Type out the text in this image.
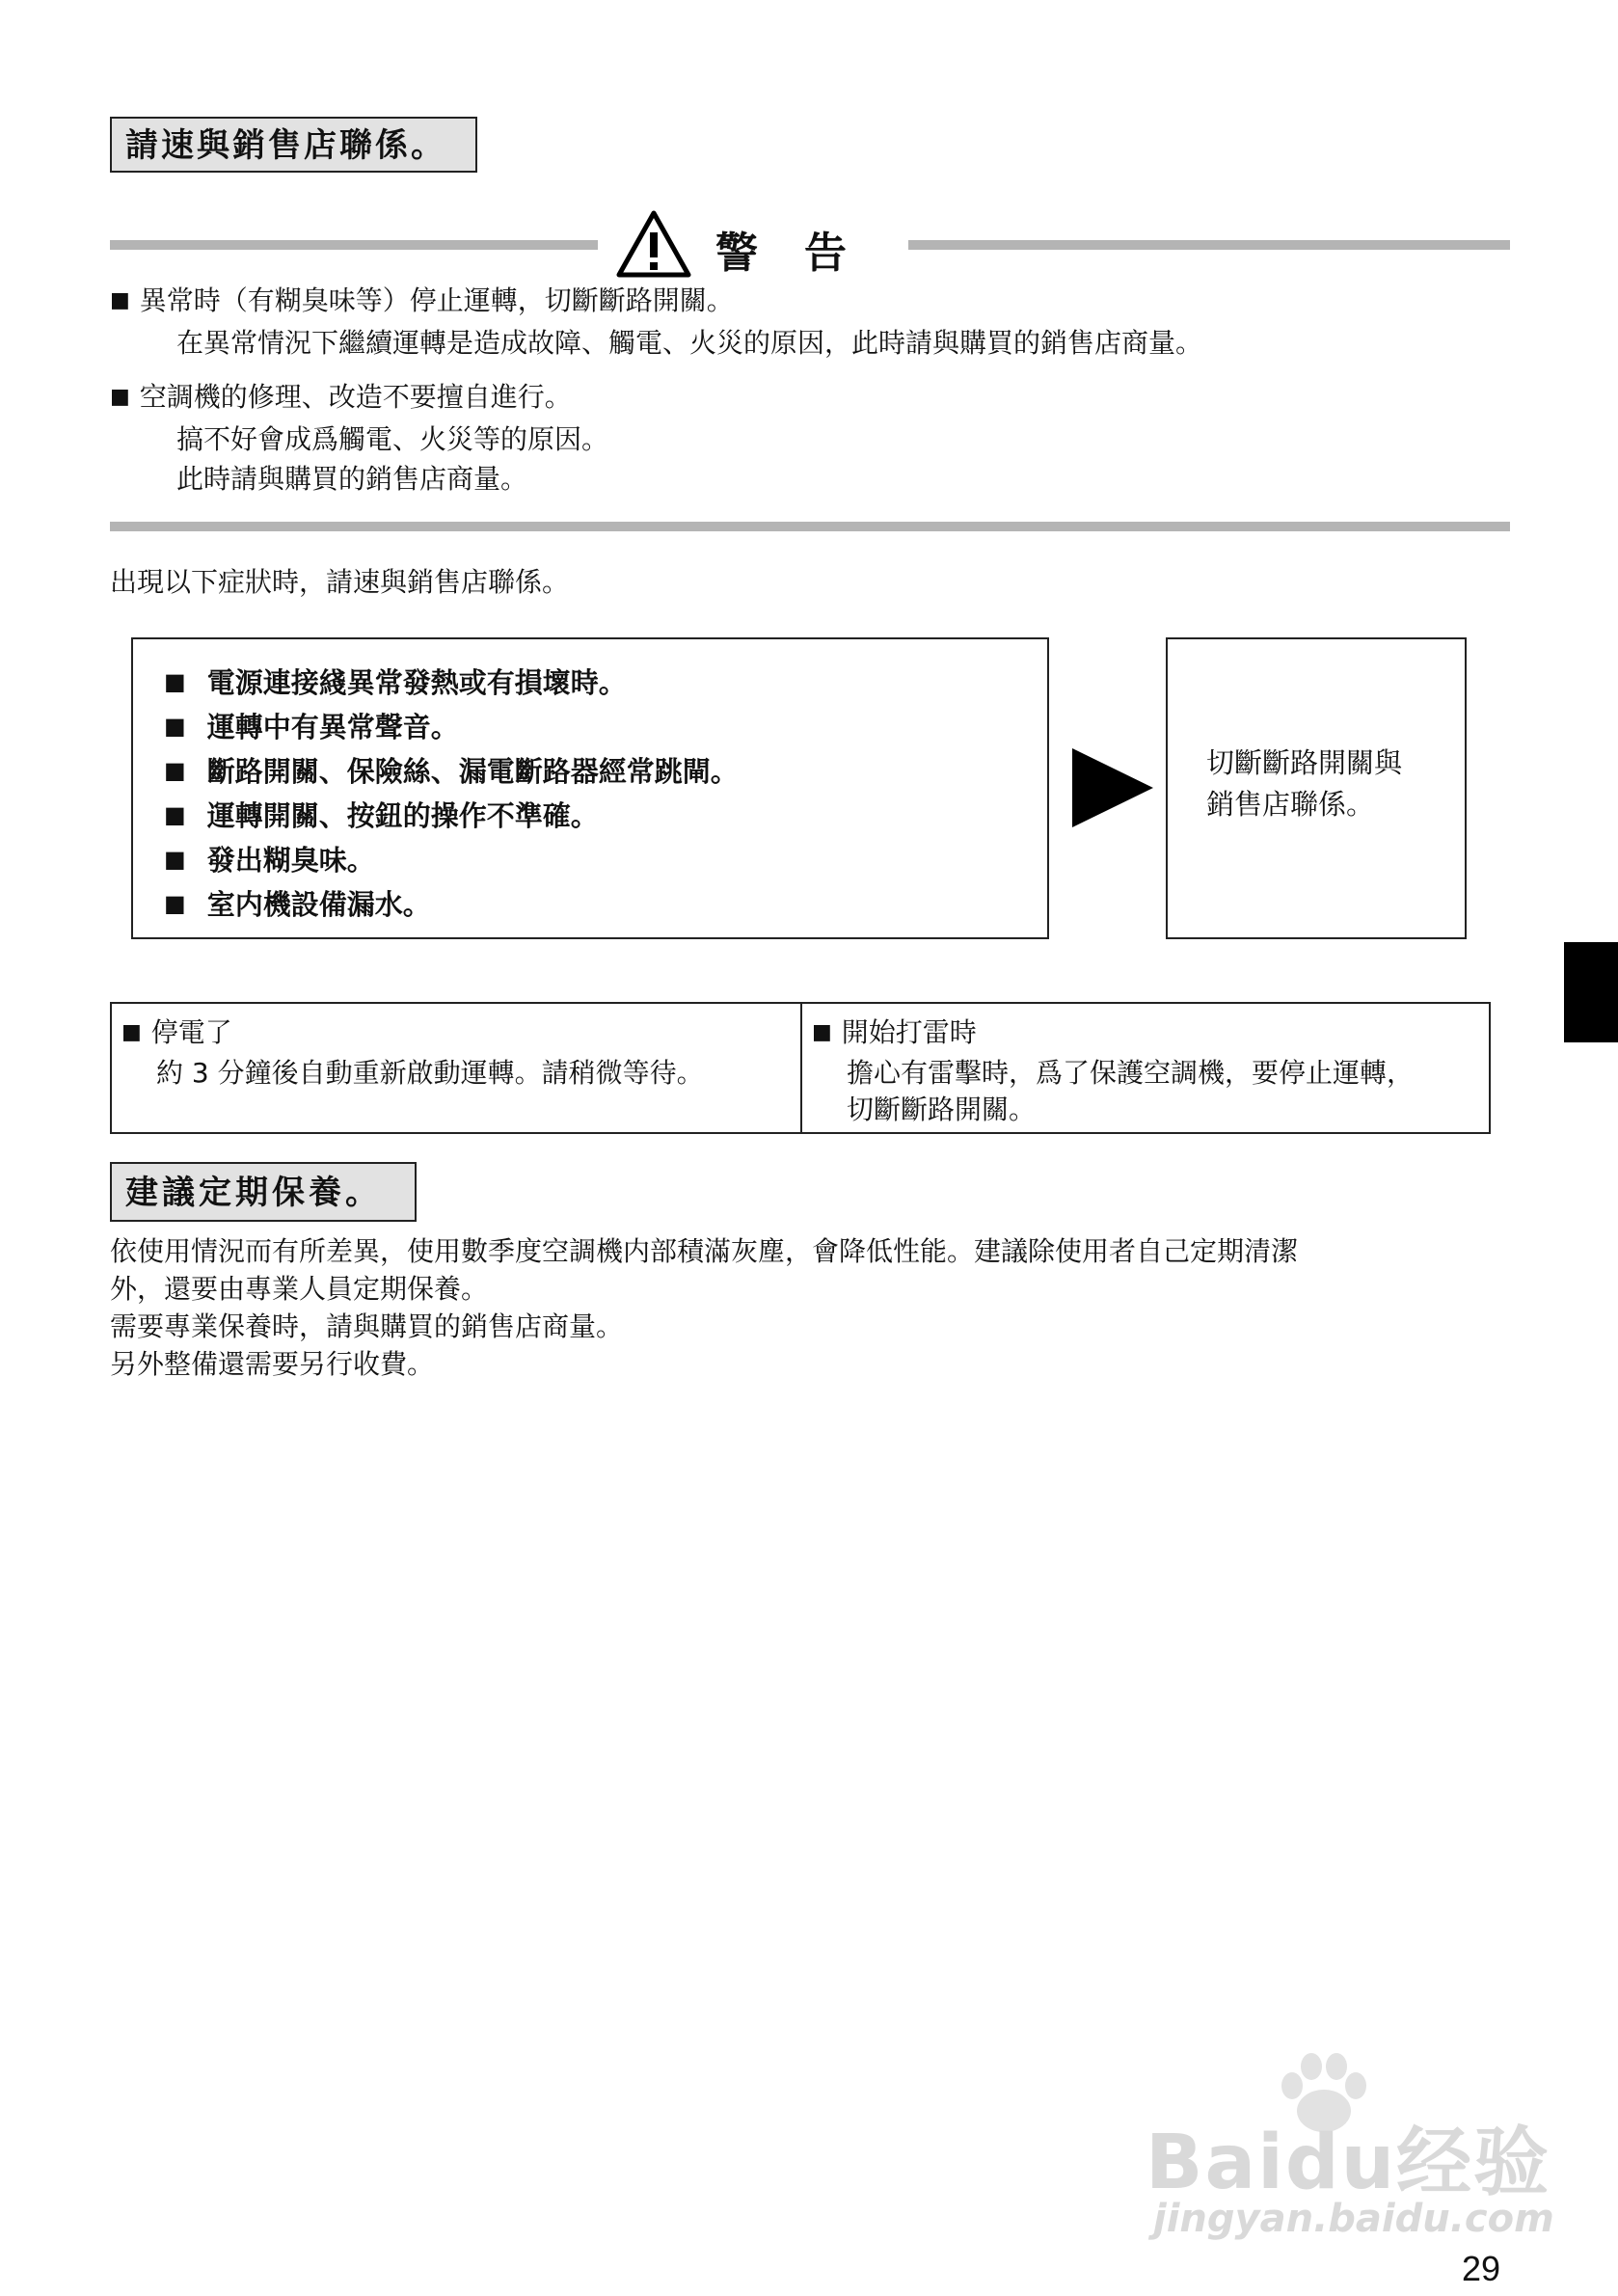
請速與銷售店聯係。
警告
■ 異常時（有糊臭味等）停止運轉，切斷斷路開關。
在異常情況下繼續運轉是造成故障、觸電、火災的原因，此時請與購買的銷售店商量。
■ 空調機的修理、改造不要擅自進行。
搞不好會成爲觸電、火災等的原因。
此時請與購買的銷售店商量。
出現以下症狀時，請速與銷售店聯係。
■ 電源連接綫異常發熱或有損壞時。
■ 運轉中有異常聲音。
■ 斷路開關、保險絲、漏電斷路器經常跳閘。
■ 運轉開關、按鈕的操作不準確。
■ 發出糊臭味。
■ 室内機設備漏水。
切斷斷路開關與
銷售店聯係。
■ 停電了
約 3 分鐘後自動重新啟動運轉。請稍微等待。
■ 開始打雷時
擔心有雷擊時，爲了保護空調機，要停止運轉，
切斷斷路開關。
建議定期保養。
依使用情況而有所差異，使用數季度空調機内部積滿灰塵，會降低性能。建議除使用者自己定期清潔
外，還要由專業人員定期保養。
需要專業保養時，請與購買的銷售店商量。
另外整備還需要另行收費。
Baidu经验
jingyan.baidu.com
29
